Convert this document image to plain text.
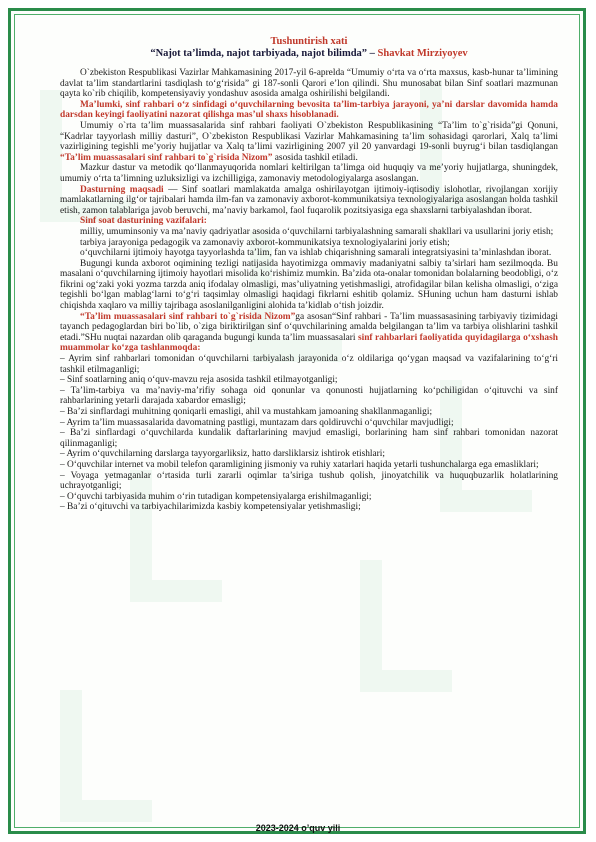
Tushuntirish xati

“Najot ta’limda, najot tarbiyada, najot bilimda” – Shavkat Mirziyoyev

O`zbekiston Respublikasi Vazirlar Mahkamasining 2017-yil 6-aprelda “Umumiy o‘rta va o‘rta maxsus, kasb-hunar ta’limining davlat ta’lim standartlarini tasdiqlash to‘g‘risida” gi 187-sonli Qarori e’lon qilindi. Shu munosabat bilan Sinf soatlari mazmunan qayta ko`rib chiqilib, kompetensiyaviy yondashuv asosida amalga oshirilishi belgilandi.

Ma’lumki, sinf rahbari o‘z sinfidagi o‘quvchilarning bevosita ta’lim-tarbiya jarayoni, ya’ni darslar davomida hamda darsdan keyingi faoliyatini nazorat qilishga mas’ul shaxs hisoblanadi.

Umumiy o`rta ta’lim muassasalarida sinf rahbari faoliyati O`zbekiston Respublikasining “Ta’lim to`g`risida”gi Qonuni, “Kadrlar tayyorlash milliy dasturi”, O`zbekiston Respublikasi Vazirlar Mahkamasining ta’lim sohasidagi qarorlari, Xalq ta’limi vazirligining tegishli me’yoriy hujjatlar va Xalq ta’limi vazirligining 2007 yil 20 yanvardagi 19-sonli buyrug‘i bilan tasdiqlangan “Ta’lim muassasalari sinf rahbari to`g`risida Nizom” asosida tashkil etiladi.

Mazkur dastur va metodik qo‘llanmayuqorida nomlari keltirilgan ta’limga oid huquqiy va me’yoriy hujjatlarga, shuningdek, umumiy o‘rta ta’limning uzluksizligi va izchilligiga, zamonaviy metodologiyalarga asoslangan.

Dasturning maqsadi — Sinf soatlari mamlakatda amalga oshirilayotgan ijtimoiy-iqtisodiy islohotlar, rivojlangan xorijiy mamlakatlarning ilg‘or tajribalari hamda ilm-fan va zamonaviy axborot-kommunikatsiya texnologiyalariga asoslangan holda tashkil etish, zamon talablariga javob beruvchi, ma’naviy barkamol, faol fuqarolik pozitsiyasiga ega shaxslarni tarbiyalashdan iborat.

Sinf soat dasturining vazifalari:

milliy, umuminsoniy va ma’naviy qadriyatlar asosida o‘quvchilarni tarbiyalashning samarali shakllari va usullarini joriy etish;

tarbiya jarayoniga pedagogik va zamonaviy axborot-kommunikatsiya texnologiyalarini joriy etish;

o‘quvchilarni ijtimoiy hayotga tayyorlashda ta’lim, fan va ishlab chiqarishning samarali integratsiyasini ta’minlashdan iborat.

Bugungi kunda axborot oqimining tezligi natijasida hayotimizga ommaviy madaniyatni salbiy ta’sirlari ham sezilmoqda. Bu masalani o‘quvchilarning ijtimoiy hayotlari misolida ko‘rishimiz mumkin. Ba’zida ota-onalar tomonidan bolalarning beodobligi, o‘z fikrini og‘zaki yoki yozma tarzda aniq ifodalay olmasligi, mas’uliyatning yetishmasligi, atrofidagilar bilan kelisha olmasligi, o‘ziga tegishli bo‘lgan mablag‘larni to‘g‘ri taqsimlay olmasligi haqidagi fikrlarni eshitib qolamiz. SHuning uchun ham dasturni ishlab chiqishda xaqlaro va milliy tajribaga asoslanilganligini alohida ta’kidlab o‘tish joizdir.

“Ta’lim muassasalari sinf rahbari to`g`risida Nizom”ga asosan“Sinf rahbari - Ta’lim muassasasining tarbiyaviy tizimidagi tayanch pedagoglardan biri bo`lib, o`ziga biriktirilgan sinf o‘quvchilarining amalda belgilangan ta’lim va tarbiya olishlarini tashkil etadi.”SHu nuqtai nazardan olib qaraganda bugungi kunda ta’lim muassasalari sinf rahbarlari faoliyatida quyidagilarga o‘xshash muammolar ko‘zga tashlanmoqda:

– Ayrim sinf rahbarlari tomonidan o‘quvchilarni tarbiyalash jarayonida o‘z oldilariga qo‘ygan maqsad va vazifalarining to‘g‘ri tashkil etilmaganligi;

– Sinf soatlarning aniq o‘quv-mavzu reja asosida tashkil etilmayotganligi;

– Ta’lim-tarbiya va ma’naviy-ma’rifiy sohaga oid qonunlar va qonunosti hujjatlarning ko‘pchiligidan o‘qituvchi va sinf rahbarlarining yetarli darajada xabardor emasligi;

– Ba’zi sinflardagi muhitning qoniqarli emasligi, ahil va mustahkam jamoaning shakllanmaganligi;

– Ayrim ta’lim muassasalarida davomatning pastligi, muntazam dars qoldiruvchi o‘quvchilar mavjudligi;

– Ba’zi sinflardagi o‘quvchilarda kundalik daftarlarining mavjud emasligi, borlarining ham sinf rahbari tomonidan nazorat qilinmaganligi;

– Ayrim o‘quvchilarning darslarga tayyorgarliksiz, hatto darsliklarsiz ishtirok etishlari;

– O‘quvchilar internet va mobil telefon qaramligining jismoniy va ruhiy xatarlari haqida yetarli tushunchalarga ega emasliklari;

– Voyaga yetmaganlar o‘rtasida turli zararli oqimlar ta’siriga tushub qolish, jinoyatchilik va huquqbuzarlik holatlarining uchrayotganligi;

– O‘quvchi tarbiyasida muhim o‘rin tutadigan kompetensiyalarga erishilmaganligi;

– Ba’zi o‘qituvchi va tarbiyachilarimizda kasbiy kompetensiyalar yetishmasligi;

2023-2024 o’quv yili
